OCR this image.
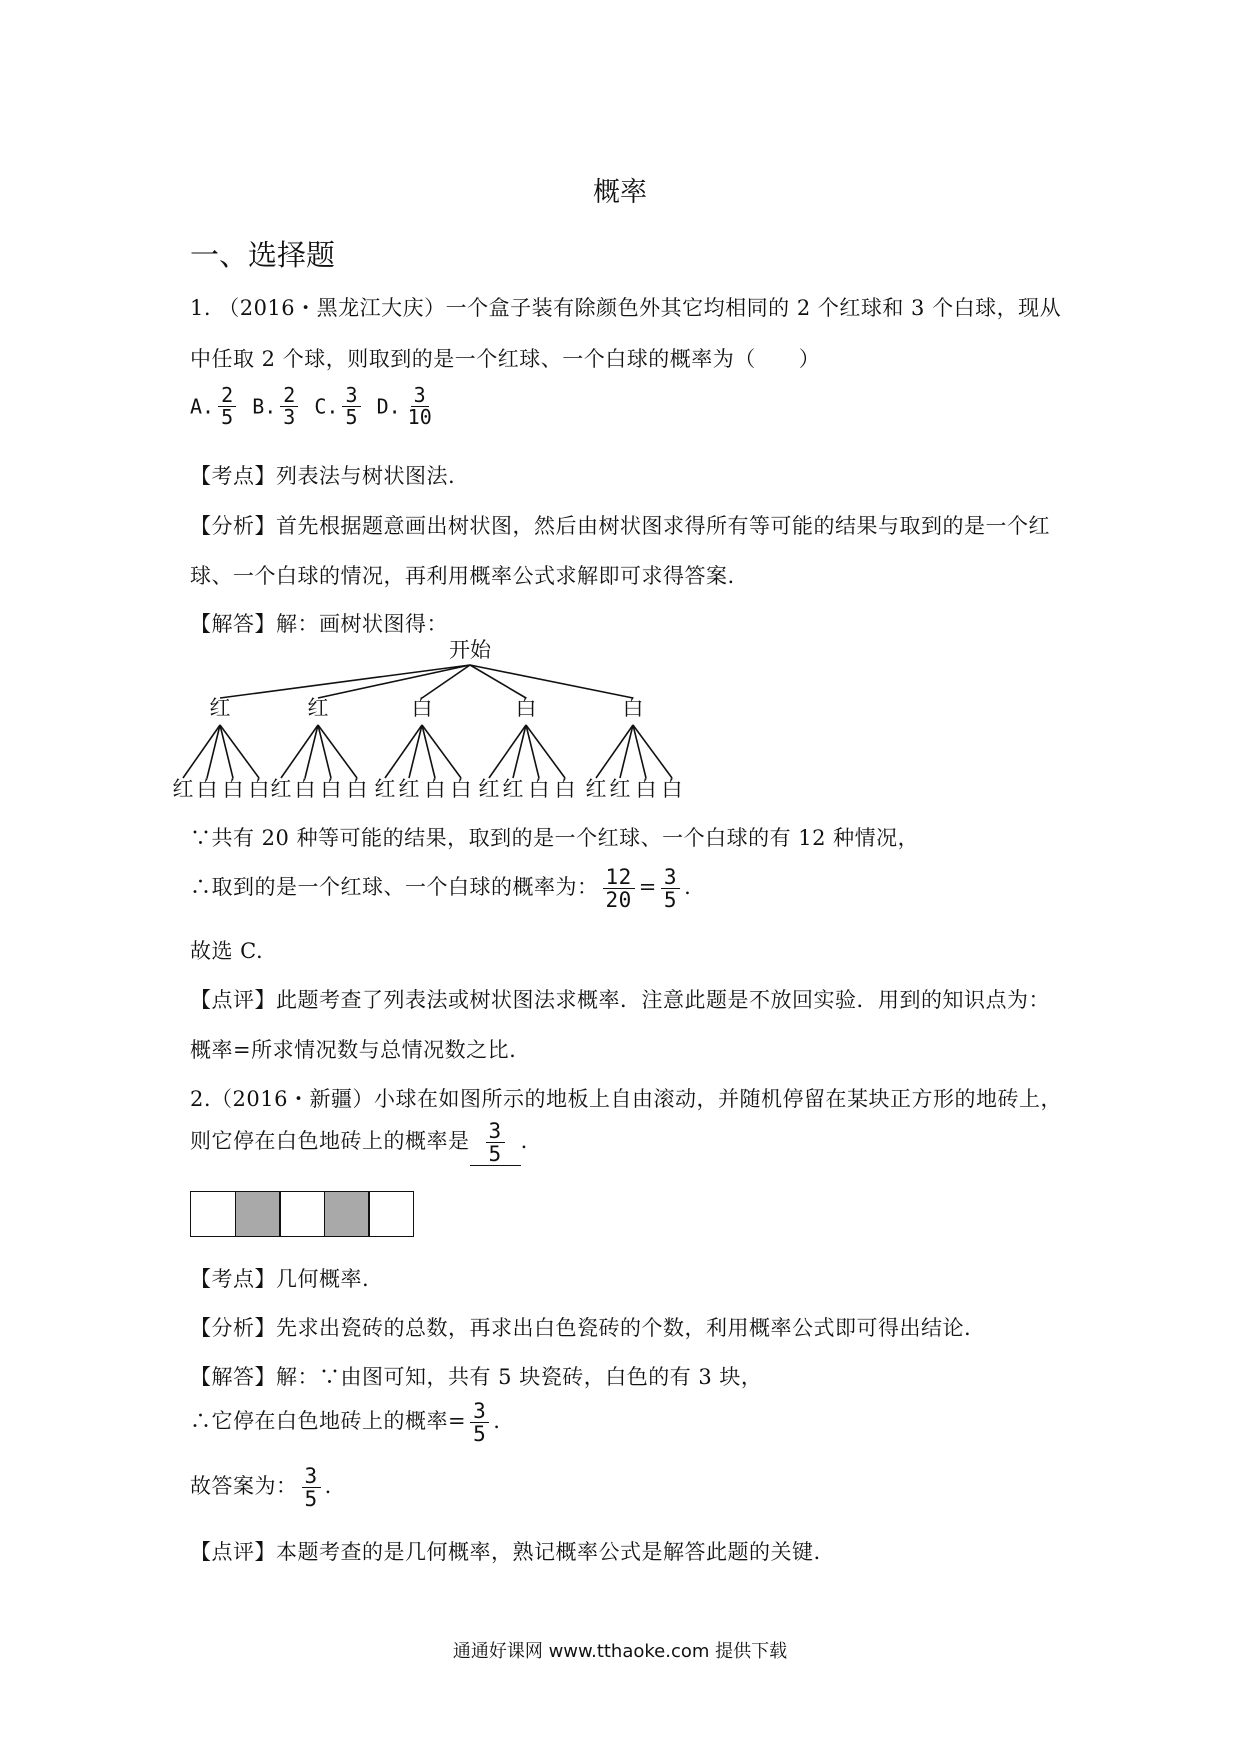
概率
一、选择题
1. （2016・黑龙江大庆）一个盒子装有除颜色外其它均相同的 2 个红球和 3 个白球，现从
中任取 2 个球，则取到的是一个红球、一个白球的概率为（　　）
A. $\frac{2}{5} B$. $\frac{2}{3} C$. $\frac{3}{5} D$. $\frac{3}{10}$
【考点】列表法与树状图法.
【分析】首先根据题意画出树状图，然后由树状图求得所有等可能的结果与取到的是一个红
球、一个白球的情况，再利用概率公式求解即可求得答案.
【解答】解：画树状图得：
开始
红
红 白 白 白
红
红 白 白 白
白
红 红 白 白
白
红 红 白 白
白
红 红 白 白
∵共有 20 种等可能的结果，取到的是一个红球、一个白球的有 12 种情况，
∴取到的是一个红球、一个白球的概率为： $\frac{12}{20} = \frac{3}{5}$ .
故选 C.
【点评】此题考查了列表法或树状图法求概率．注意此题是不放回实验．用到的知识点为：
概率=所求情况数与总情况数之比.
2.（2016・新疆）小球在如图所示的地板上自由滚动，并随机停留在某块正方形的地砖上，
则它停在白色地砖上的概率是 $\frac{3}{5}$ .
【考点】几何概率.
【分析】先求出瓷砖的总数，再求出白色瓷砖的个数，利用概率公式即可得出结论.
【解答】解：∵由图可知，共有 5 块瓷砖，白色的有 3 块，
∴它停在白色地砖上的概率= $\frac{3}{5}$ .
故答案为： $\frac{3}{5}$ .
【点评】本题考查的是几何概率，熟记概率公式是解答此题的关键.
通通好课网 www.tthaoke.com 提供下载
